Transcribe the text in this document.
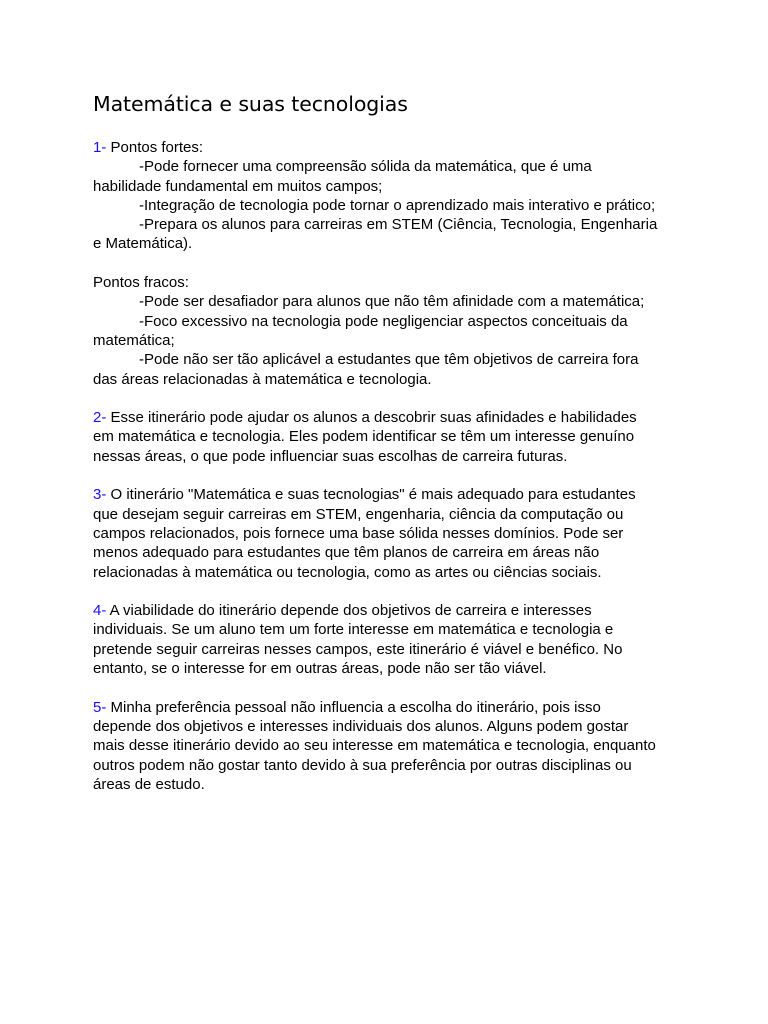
Matemática e suas tecnologias

1- Pontos fortes:

-Pode fornecer uma compreensão sólida da matemática, que é uma

habilidade fundamental em muitos campos;

-Integração de tecnologia pode tornar o aprendizado mais interativo e prático;

-Prepara os alunos para carreiras em STEM (Ciência, Tecnologia, Engenharia

e Matemática).

Pontos fracos:

-Pode ser desafiador para alunos que não têm afinidade com a matemática;

-Foco excessivo na tecnologia pode negligenciar aspectos conceituais da

matemática;

-Pode não ser tão aplicável a estudantes que têm objetivos de carreira fora

das áreas relacionadas à matemática e tecnologia.

2- Esse itinerário pode ajudar os alunos a descobrir suas afinidades e habilidades

em matemática e tecnologia. Eles podem identificar se têm um interesse genuíno

nessas áreas, o que pode influenciar suas escolhas de carreira futuras.

3- O itinerário "Matemática e suas tecnologias" é mais adequado para estudantes

que desejam seguir carreiras em STEM, engenharia, ciência da computação ou

campos relacionados, pois fornece uma base sólida nesses domínios. Pode ser

menos adequado para estudantes que têm planos de carreira em áreas não

relacionadas à matemática ou tecnologia, como as artes ou ciências sociais.

4- A viabilidade do itinerário depende dos objetivos de carreira e interesses

individuais. Se um aluno tem um forte interesse em matemática e tecnologia e

pretende seguir carreiras nesses campos, este itinerário é viável e benéfico. No

entanto, se o interesse for em outras áreas, pode não ser tão viável.

5- Minha preferência pessoal não influencia a escolha do itinerário, pois isso

depende dos objetivos e interesses individuais dos alunos. Alguns podem gostar

mais desse itinerário devido ao seu interesse em matemática e tecnologia, enquanto

outros podem não gostar tanto devido à sua preferência por outras disciplinas ou

áreas de estudo.
